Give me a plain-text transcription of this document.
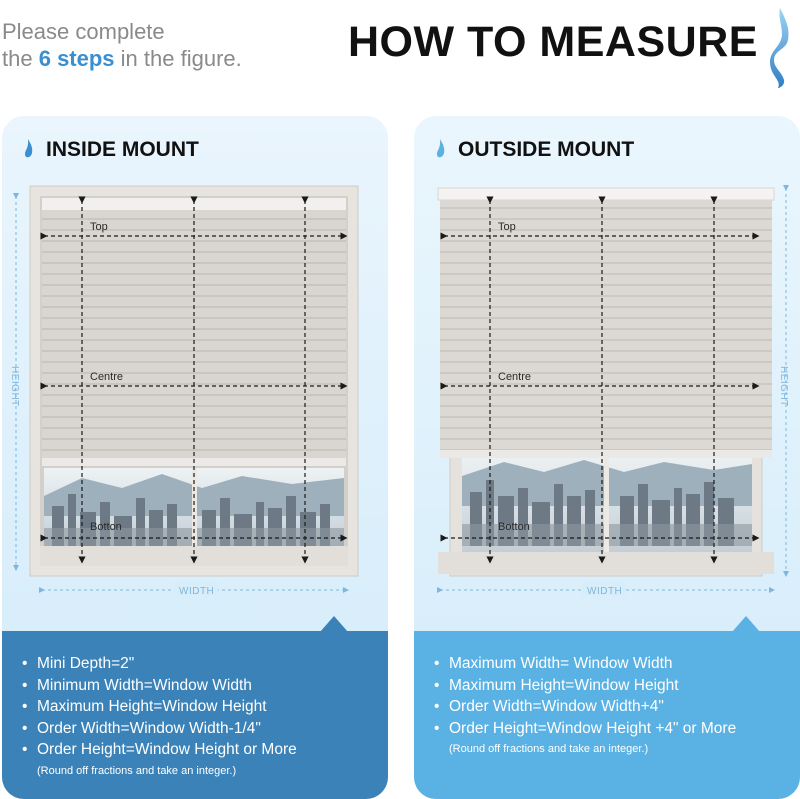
Please complete
the 6 steps in the figure. HOW TO MEASURE
INSIDE MOUNT
Top
Centre
Botton
HEIGHT
WIDTH
• Mini Depth=2"
• Minimum Width=Window Width
• Maximum Height=Window Height
• Order Width=Window Width-1/4"
• Order Height=Window Height or More
(Round off fractions and take an integer.)
OUTSIDE MOUNT
Top
Centre
Botton
HEIGHT
WIDTH
• Maximum Width= Window Width
• Maximum Height=Window Height
• Order Width=Window Width+4"
• Order Height=Window Height +4" or More
(Round off fractions and take an integer.)
